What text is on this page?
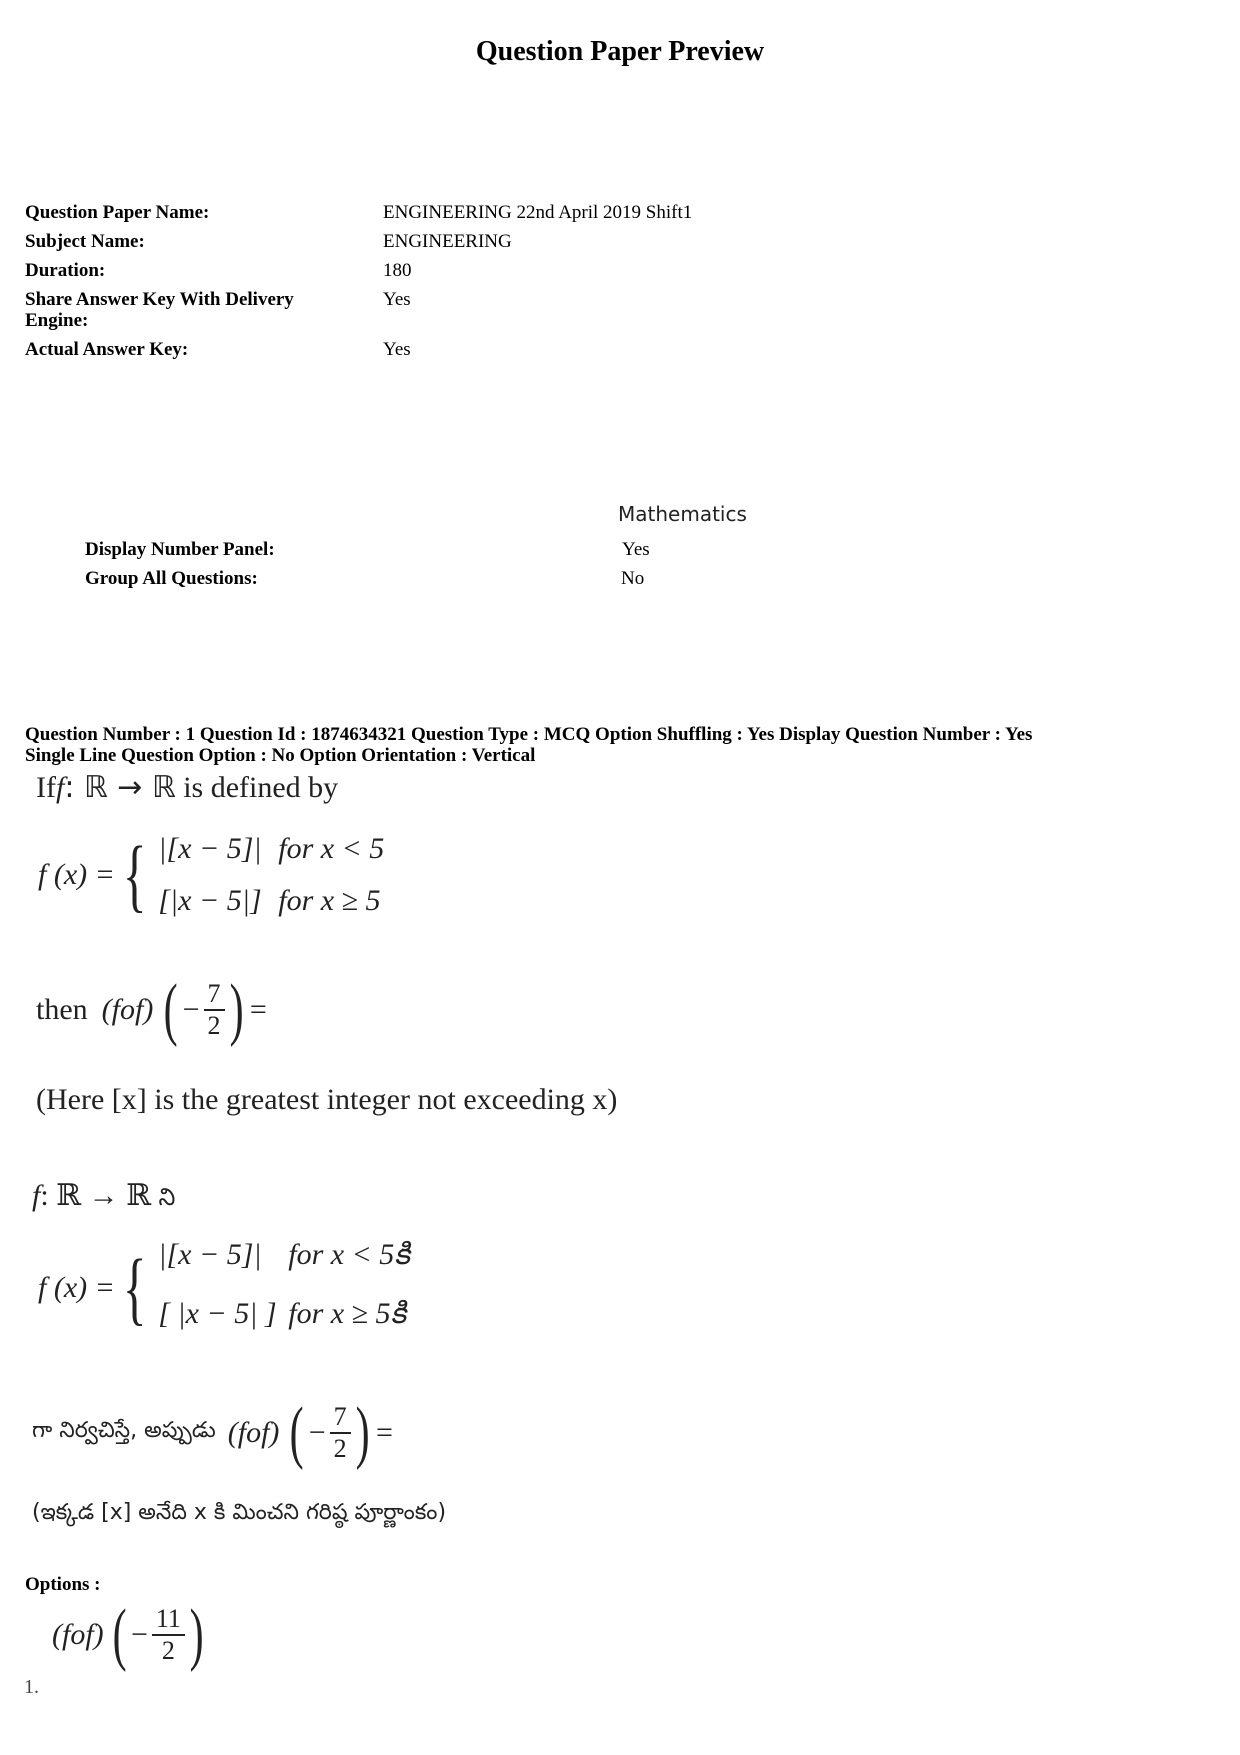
Question Paper Preview
Question Paper Name:	ENGINEERING 22nd April 2019 Shift1
Subject Name:	ENGINEERING
Duration:	180
Share Answer Key With Delivery Engine:
Yes
Actual Answer Key:	Yes
Mathematics
Display Number Panel:	Yes
Group All Questions:	No
Question Number : 1 Question Id : 1874634321 Question Type : MCQ Option Shuffling : Yes Display Question Number : Yes
Single Line Question Option : No Option Orientation : Vertical
Iff: ℝ → ℝ is defined by
f (x) = { |[x − 5]| for x < 5
[|x − 5|] for x ≥ 5
then (fof) ( − $\frac{7}{2}$ ) =
(Here [x] is the greatest integer not exceeding x)
f: ℝ → ℝ ని
f (x) = { |[x − 5]| for x < 5కి
[ |x − 5| ] for x ≥ 5కి
గా నిర్వచిస్తే, అప్పుడు (fof) ( − $\frac{7}{2}$ ) =
(ఇక్కడ [x] అనేది x కి మించని గరిష్ఠ పూర్ణాంకం)
Options :
(fof) ( − $\frac{11}{2}$ )
1.
